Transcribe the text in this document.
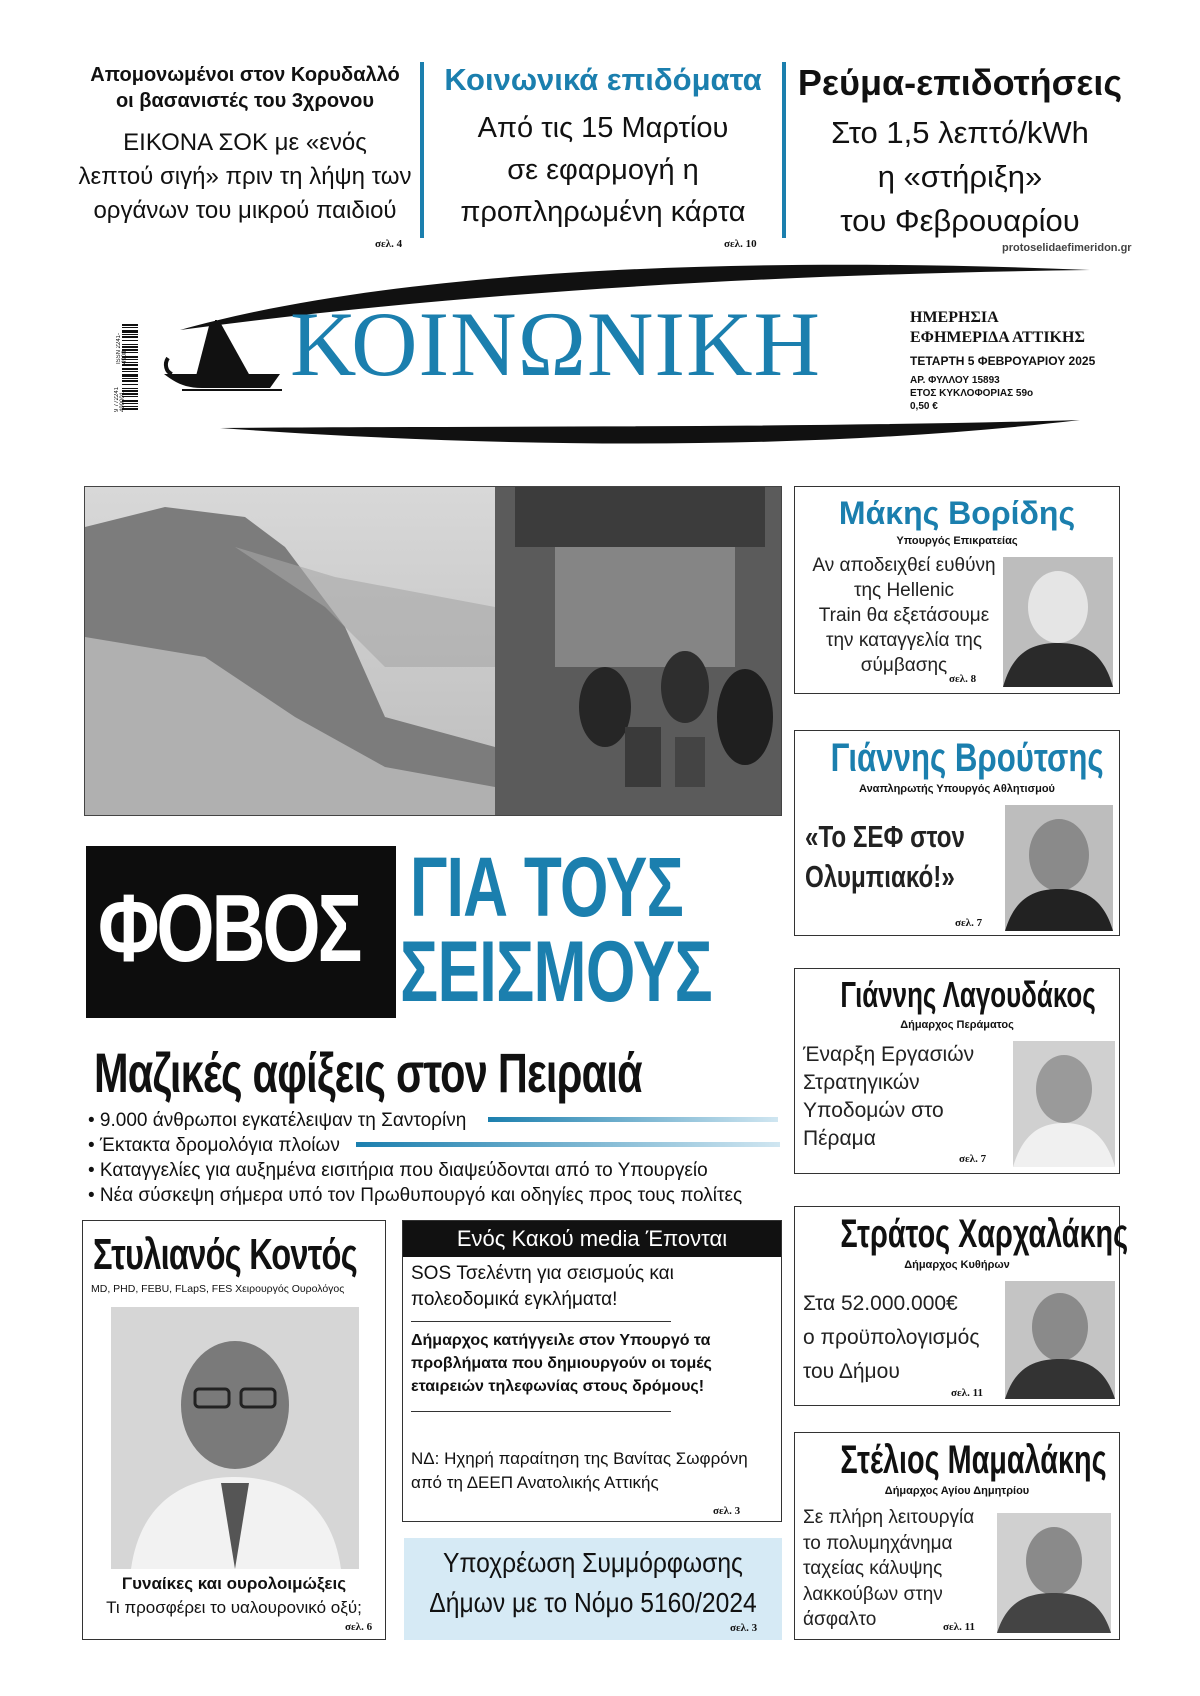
Απομονωμένοι στον Κορυδαλλό
οι βασανιστές του 3χρονου
ΕΙΚΟΝΑ ΣΟΚ με «ενός
λεπτού σιγή» πριν τη λήψη των
οργάνων του μικρού παιδιού
σελ. 4
Κοινωνικά επιδόματα
Από τις 15 Μαρτίου
σε εφαρμογή η
προπληρωμένη κάρτα
σελ. 10
Ρεύμα-επιδοτήσεις
Στο 1,5 λεπτό/kWh
η «στήριξη»
του Φεβρουαρίου
protoselidaefimeridon.gr
ΚΟΙΝΩΝΙΚΗ	ΗΜΕΡΗΣΙΑ
ΕΦΗΜΕΡΙΔΑ ΑΤΤΙΚΗΣ
ΤΕΤΑΡΤΗ 5 ΦΕΒΡΟΥΑΡΙΟΥ 2025
ΑΡ. ΦΥΛΛΟΥ 15893
ΕΤΟΣ ΚΥΚΛΟΦΟΡΙΑΣ 59ο
0,50 €
ISSN 2241-4908
9 772241 490001
ΦΟΒΟΣ ΓΙΑ ΤΟΥΣ
ΣΕΙΣΜΟΥΣ
Μαζικές αφίξεις στον Πειραιά
• 9.000 άνθρωποι εγκατέλειψαν τη Σαντορίνη
• Έκτακτα δρομολόγια πλοίων
• Καταγγελίες για αυξημένα εισιτήρια που διαψεύδονται από το Υπουργείο
• Νέα σύσκεψη σήμερα υπό τον Πρωθυπουργό και οδηγίες προς τους πολίτες
Στυλιανός Κοντός
MD, PHD, FEBU, FLapS, FES Χειρουργός Ουρολόγος
Γυναίκες και ουρολοιμώξεις
Τι προσφέρει το υαλουρονικό οξύ;
σελ. 6
Ενός Κακού media Έπονται
SOS Τσελέντη για σεισμούς και πολεοδομικά εγκλήματα!
Δήμαρχος κατήγγειλε στον Υπουργό τα προβλήματα που δημιουργούν οι τομές εταιρειών τηλεφωνίας στους δρόμους!
ΝΔ: Ηχηρή παραίτηση της Βανίτας Σωφρόνη από τη ΔΕΕΠ Ανατολικής Αττικής
σελ. 3
Υποχρέωση Συμμόρφωσης
Δήμων με το Νόμο 5160/2024
σελ. 3
Μάκης Βορίδης
Υπουργός Επικρατείας
Αν αποδειχθεί ευθύνη
της Hellenic
Train θα εξετάσουμε
την καταγγελία της
σύμβασης
σελ. 8
Γιάννης Βρούτσης
Αναπληρωτής Υπουργός Αθλητισμού
«Το ΣΕΦ στον
Ολυμπιακό!»
σελ. 7
Γιάννης Λαγουδάκος
Δήμαρχος Περάματος
Έναρξη Εργασιών
Στρατηγικών
Υποδομών στο
Πέραμα
σελ. 7
Στράτος Χαρχαλάκης
Δήμαρχος Κυθήρων
Στα 52.000.000€
ο προϋπολογισμός
του Δήμου
σελ. 11
Στέλιος Μαμαλάκης
Δήμαρχος Αγίου Δημητρίου
Σε πλήρη λειτουργία
το πολυμηχάνημα
ταχείας κάλυψης
λακκούβων στην
άσφαλτο	σελ. 11
